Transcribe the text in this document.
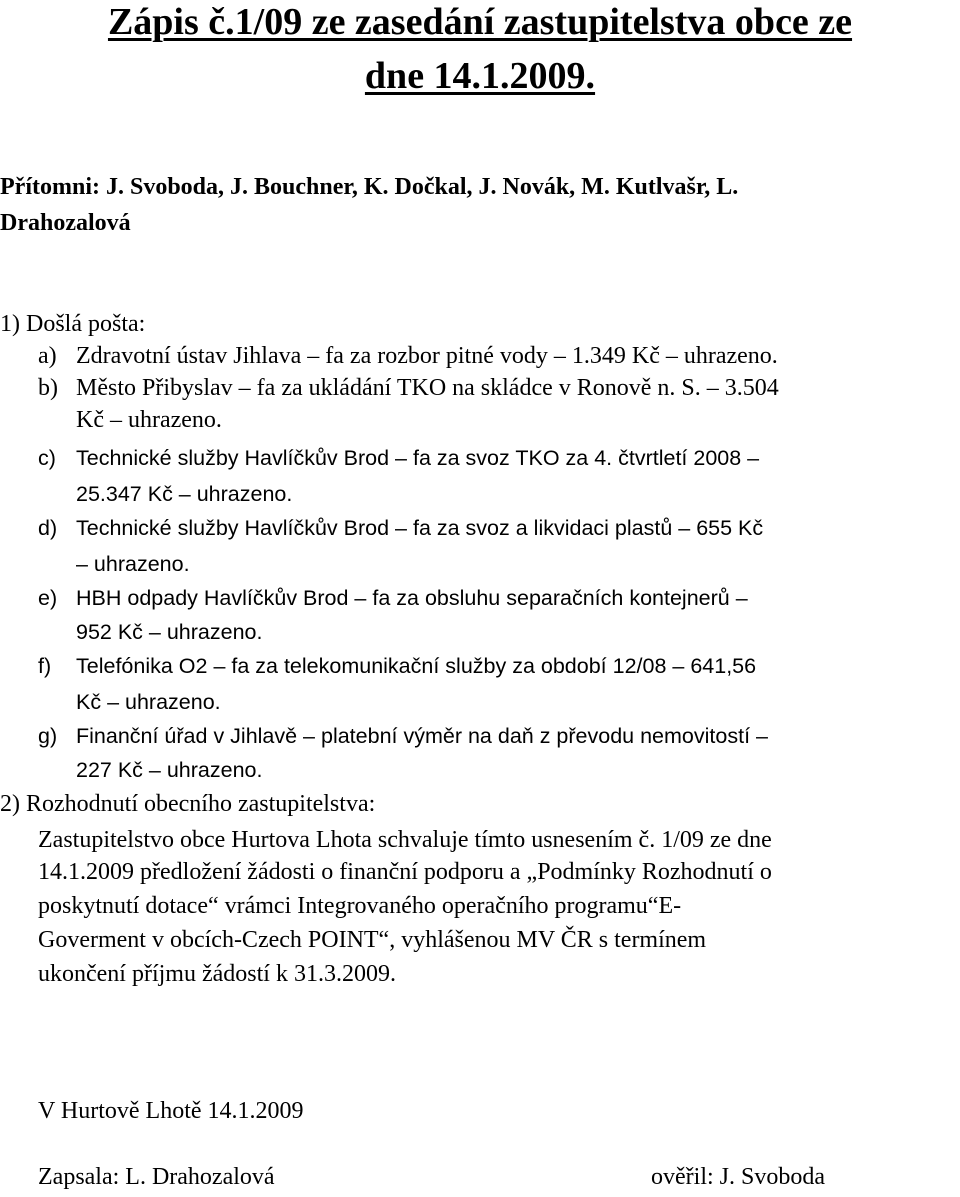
Zápis č.1/09 ze zasedání zastupitelstva obce ze
dne 14.1.2009.
Přítomni: J. Svoboda, J. Bouchner, K. Dočkal, J. Novák, M. Kutlvašr, L.
Drahozalová
1) Došlá pošta:
a) Zdravotní ústav Jihlava – fa za rozbor pitné vody – 1.349 Kč – uhrazeno.
b) Město Přibyslav – fa za ukládání TKO na skládce v Ronově n. S. – 3.504
Kč – uhrazeno.
c) Technické služby Havlíčkův Brod – fa za svoz TKO za 4. čtvrtletí 2008 –
25.347 Kč – uhrazeno.
d) Technické služby Havlíčkův Brod – fa za svoz a likvidaci plastů – 655 Kč
– uhrazeno.
e) HBH odpady Havlíčkův Brod – fa za obsluhu separačních kontejnerů –
952 Kč – uhrazeno.
f) Telefónika O2 – fa za telekomunikační služby za období 12/08 – 641,56
Kč – uhrazeno.
g) Finanční úřad v Jihlavě – platební výměr na daň z převodu nemovitostí –
227 Kč – uhrazeno.
2) Rozhodnutí obecního zastupitelstva:
Zastupitelstvo obce Hurtova Lhota schvaluje tímto usnesením č. 1/09 ze dne
14.1.2009 předložení žádosti o finanční podporu a „Podmínky Rozhodnutí o
poskytnutí dotace“ vrámci Integrovaného operačního programu“E-
Goverment v obcích-Czech POINT“, vyhlášenou MV ČR s termínem
ukončení příjmu žádostí k 31.3.2009.
V Hurtově Lhotě 14.1.2009
Zapsala: L. Drahozalová	ověřil: J. Svoboda
